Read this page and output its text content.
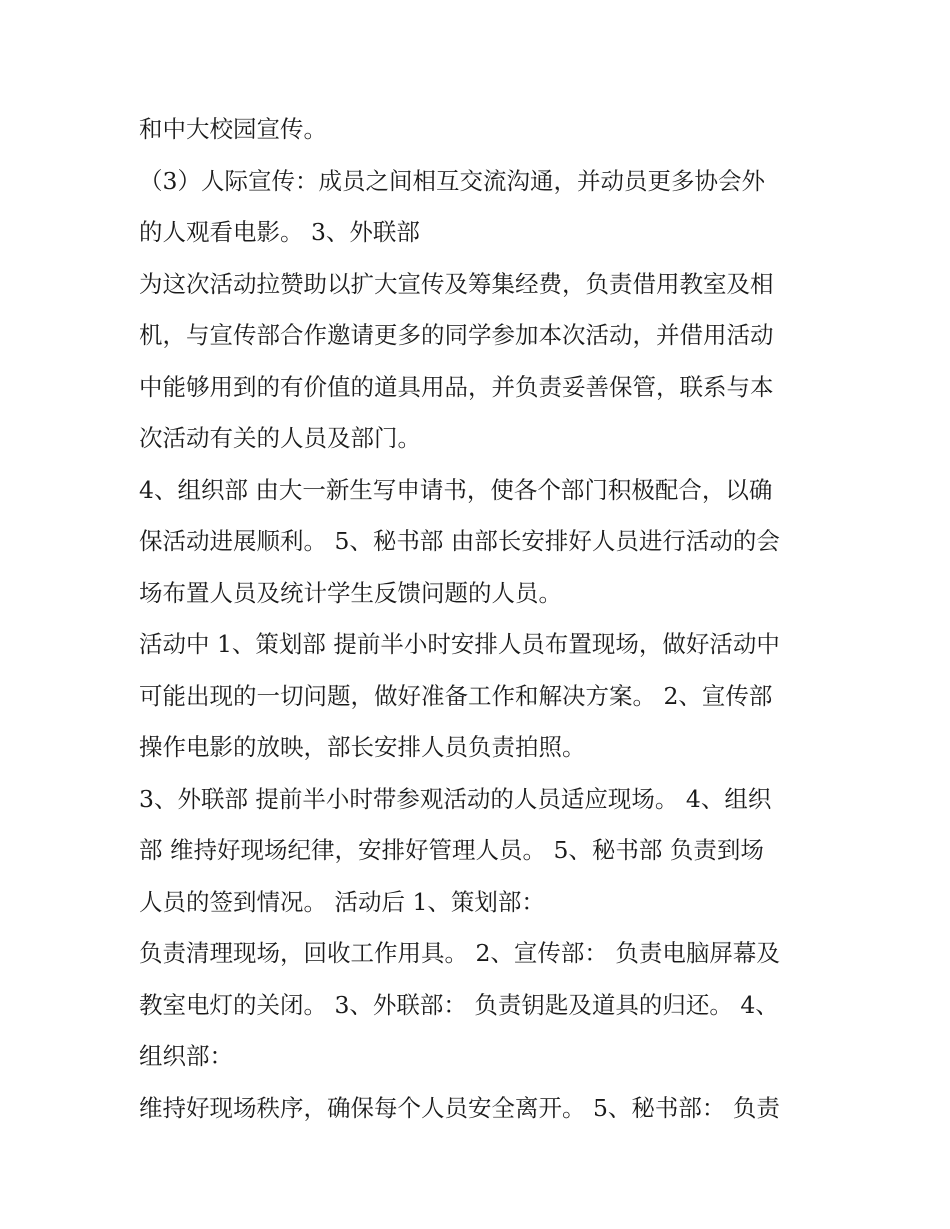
和中大校园宣传。
（3）人际宣传：成员之间相互交流沟通，并动员更多协会外
的人观看电影。 3、外联部
为这次活动拉赞助以扩大宣传及筹集经费，负责借用教室及相
机，与宣传部合作邀请更多的同学参加本次活动，并借用活动
中能够用到的有价值的道具用品，并负责妥善保管，联系与本
次活动有关的人员及部门。
4、组织部 由大一新生写申请书，使各个部门积极配合，以确
保活动进展顺利。 5、秘书部 由部长安排好人员进行活动的会
场布置人员及统计学生反馈问题的人员。
活动中 1、策划部 提前半小时安排人员布置现场，做好活动中
可能出现的一切问题，做好准备工作和解决方案。 2、宣传部
操作电影的放映，部长安排人员负责拍照。
3、外联部 提前半小时带参观活动的人员适应现场。 4、组织
部 维持好现场纪律，安排好管理人员。 5、秘书部 负责到场
人员的签到情况。 活动后 1、策划部：
负责清理现场，回收工作用具。 2、宣传部： 负责电脑屏幕及
教室电灯的关闭。 3、外联部： 负责钥匙及道具的归还。 4、
组织部：
维持好现场秩序，确保每个人员安全离开。 5、秘书部： 负责
